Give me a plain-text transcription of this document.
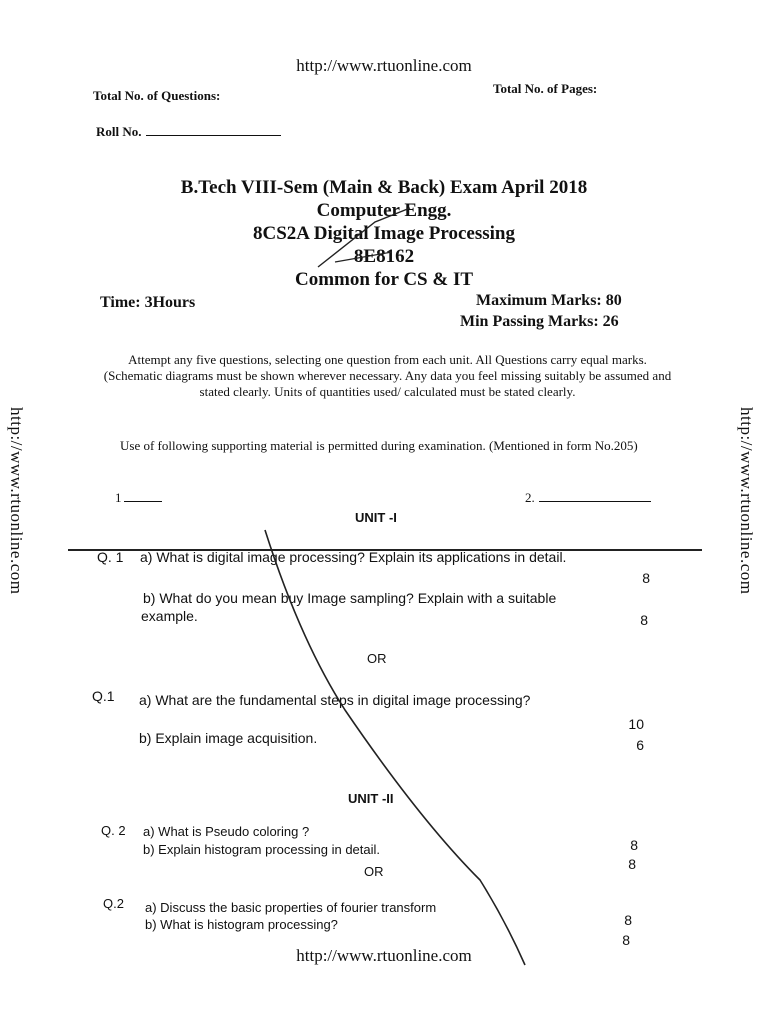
http://www.rtuonline.com
http://www.rtuonline.com	http://www.rtuonline.com
Total No. of Questions:	Total No. of Pages:
Roll No.
B.Tech VIII-Sem (Main & Back) Exam April 2018
Computer Engg.
8CS2A Digital Image Processing
8E8162
Common for CS & IT
Time: 3Hours	Maximum Marks: 80
Min Passing Marks: 26
Attempt any five questions, selecting one question from each unit. All Questions carry equal marks. (Schematic diagrams must be shown wherever necessary. Any data you feel missing suitably be assumed and stated clearly. Units of quantities used/ calculated must be stated clearly.
Use of following supporting material is permitted during examination. (Mentioned in form No.205)
1	2.
UNIT -I
Q. 1 a) What is digital image processing? Explain its applications in detail.
8
b) What do you mean buy Image sampling? Explain with a suitable
example.	8
OR
Q.1 a) What are the fundamental steps in digital image processing?
10
b) Explain image acquisition.	6
UNIT -II
Q. 2 a) What is Pseudo coloring ?
8
b) Explain histogram processing in detail.
8
OR
Q.2 a) Discuss the basic properties of fourier transform
8
b) What is histogram processing?
8
http://www.rtuonline.com
